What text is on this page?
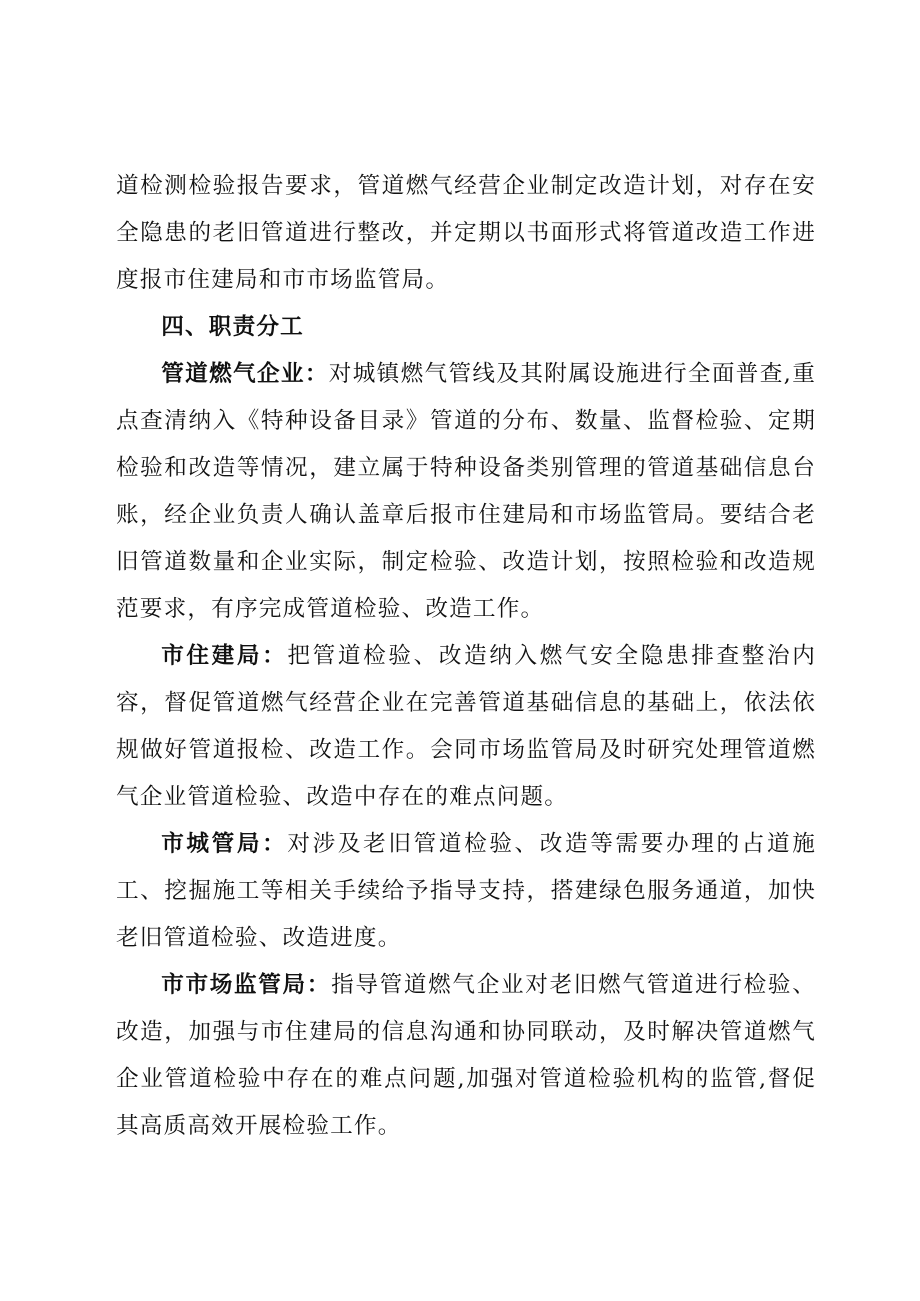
道检测检验报告要求，管道燃气经营企业制定改造计划，对存在安全隐患的老旧管道进行整改，并定期以书面形式将管道改造工作进度报市住建局和市市场监管局。

四、职责分工

管道燃气企业：对城镇燃气管线及其附属设施进行全面普查,重点查清纳入《特种设备目录》管道的分布、数量、监督检验、定期检验和改造等情况，建立属于特种设备类别管理的管道基础信息台账，经企业负责人确认盖章后报市住建局和市场监管局。要结合老旧管道数量和企业实际，制定检验、改造计划，按照检验和改造规范要求，有序完成管道检验、改造工作。

市住建局：把管道检验、改造纳入燃气安全隐患排查整治内容，督促管道燃气经营企业在完善管道基础信息的基础上，依法依规做好管道报检、改造工作。会同市场监管局及时研究处理管道燃气企业管道检验、改造中存在的难点问题。

市城管局：对涉及老旧管道检验、改造等需要办理的占道施工、挖掘施工等相关手续给予指导支持，搭建绿色服务通道，加快老旧管道检验、改造进度。

市市场监管局：指导管道燃气企业对老旧燃气管道进行检验、改造，加强与市住建局的信息沟通和协同联动，及时解决管道燃气企业管道检验中存在的难点问题,加强对管道检验机构的监管,督促其高质高效开展检验工作。
